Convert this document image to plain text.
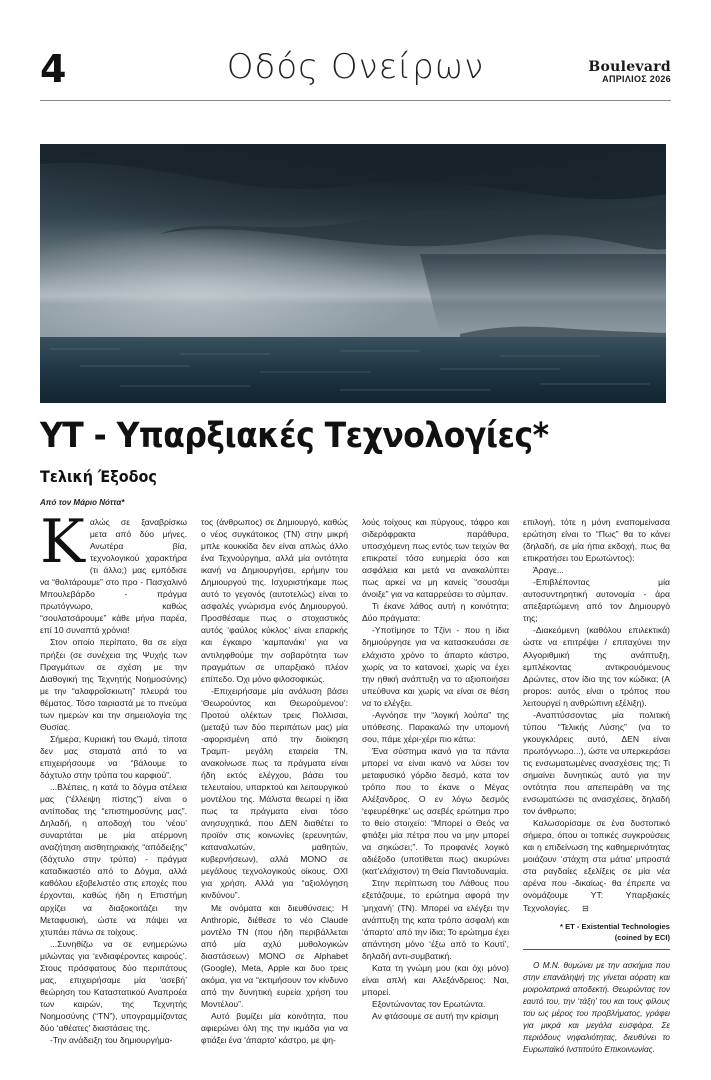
4	Οδός Ονείρων	Boulevard
ΑΠΡΙΛΙΟΣ 2026
ΥΤ - Υπαρξιακές Τεχνολογίες*
Τελική Έξοδος
Από τον Μάριο Νόττα*
Κ αλώς σε ξαναβρίσκω μετα από δύο μήνες. Ανωτέρα βία, τεχνολογικού χαρακτήρα (τι άλλο;) μας εμπόδισε να “θολτάρουμε” στο προ - Πασχαλινό Μπουλεβάρδο - πράγμα πρωτόγνωρο, καθώς “σουλατσάρουμε” κάθε μήνα παρέα, επί 10 συναπτά χρόνια!

Στον οποίο περίπατο, θα σε είχα πρήξει (σε συνέχεια της Ψυχής των Πραγμάτων σε σχέση με την Διαθογική της Τεχνητής Νοημοσύνης) με την “αλαφροΐσκιωτη” πλευρά του θέματος. Τόσο ταιριαστά με το πνεύμα των ημερών και την σημειολογία της Θυσίας.

Σήμερα, Κυριακή του Θωμά, τίποτα δεν μας σταματά από το να επιχειρήσουμε να “βάλουμε το δάχτυλο στην τρύπα του καρφιού”.

...Βλέπεις, η κατά το δόγμα ατέλεια μας (“έλλειψη πίστης”) είναι ο αντίποδας της “επιστημοσύνης μας”. Δηλαδή, η αποδοχή του ‘νέου’ συναρτάται με μία ατέρμονη αναζήτηση αισθητηριακής “απόδειξης” (δάχτυλο στην τρύπα) - πράγμα καταδικαστέο από το Δόγμα, αλλά καθόλου εξοβελιστέο στις εποχές που έρχονται, καθώς ήδη η Επιστήμη αρχίζει να διαξοκοιτάζει την Μεταφυσική, ώστε να πάψει να χτυπάει πάνω σε τοίχους.

...Συνηθίζω να σε ενημερώνω μιλώντας για ‘ενδιαφέροντες καιρούς’. Στους πρόσφατους δύο περιπάτους μας, επιχειρήσαμε μία ‘ασεβή’ θεώρηση του Καταστατικού Αναπροέα των καιρών, της Τεχνητής Νοημοσύνης (“ΤΝ”), υπογραμμίζοντας δύο ‘αθέατες’ διαστάσεις της.

-Την ανάδειξη του δημιουργήμα-

τος (άνθρωπος) σε Δημιουργό, καθώς ο νέος συγκάτοικος (ΤΝ) στην μικρή μπλε κουκκίδα δεν είναι απλώς άλλο ένα Τεχνούργημα, αλλά μία οντότητα ικανή να Δημιουργήσει, ερήμην του Δημιουργού της. Ισχυριστήκαμε πως αυτό το γεγονός (αυτοτελώς) είναι το ασφαλές γνώρισμα ενός Δημιουργού. Προσθέσαμε πως ο στοχαστικός αυτός ‘φαύλος κύκλος’ είναι επαρκής και έγκαιρο ‘καμπανάκι’ για να αντιληφθούμε την σοβαρότητα των πραγμάτων σε υπαρξιακό πλέον επίπεδο. Όχι μόνο φιλοσοφικώς.

-Επιχειρήσαμε μία ανάλυση βάσει ‘Θεωρούντος και Θεωρούμενου’: Προτού ολέκτων τρεις Πολλισαι, (μεταξύ των δύο περιπάτων μας) μία -αφορισμένη από την διοίκηση Τραμπ- μεγάλη εταιρεία ΤΝ, ανακοίνωσε πως τα πράγματα είναι ήδη εκτός ελέγχου, βάσει του τελευταίου, υπαρκτού και λειτουργικού μοντέλου της. Μάλιστα θεωρεί η ίδια πως τα πράγματα είναι τόσο ανησυχητικά, που ΔΕΝ διαθέτει το προϊόν στις κοινωνίες (ερευνητών, καταναλωτών, μαθητών, κυβερνήσεων), αλλά ΜΟΝΟ σε μεγάλους τεχνολογικούς οίκους. ΟΧΙ για χρήση. Αλλά για “αξιολόγηση κινδύνου”.

Με ονόματα και διευθύνσεις: Η Anthropic, διέθεσε το νέο Claude μοντέλο ΤΝ (που ήδη περιβάλλεται από μία αχλύ μυθολογικών διαστάσεων) ΜΟΝΟ σε Alphabet (Google), Meta, Apple και δυο τρεις ακόμα, για να “εκτιμήσουν τον κίνδυνο από την δυνητική ευρεία χρήση του Μοντέλου”.

Αυτό βυμίζει μία κοινότητα, που αφιερώνει όλη της την ικμάδα για να φτιάξει ένα ‘άπαρτο’ κάστρο, με ψη-

λούς τοίχους και πύργους, τάφρο και σιδερόφρακτα παράθυρα, υποσχόμενη πως εντός των τειχών θα επικρατεί τόσο ευημερία όσο και ασφάλεια και μετά να ανακαλύπτει πως αρκεί να μη κανείς “σουσάμι άνοιξε” για να καταρρεύσει το σύμπαν.

Τι έκανε λάθος αυτή η κοινότητα; Δύο πράγματα:

-Υποτίμησε το Τζίνι - που η ίδια δημιούργησε για να κατασκευάσει σε ελάχιστο χρόνο το άπαρτο κάστρο, χωρίς να το κατανοεί, χωρίς να έχει την ηθική ανάπτυξη να το αξιοποιήσει υπεύθυνα και χωρίς να είναι σε θέση να το ελέγξει.

-Αγνόησε την “λογική λούπα” της υπόθεσης. Παρακαλώ την υπομονή σου, πάμε χέρι-χέρι πιο κάτω:

Ένα σύστημα ικανό για τα πάντα μπορεί να είναι ικανό να λύσει τον μεταφυσικό γόρδιο δεσμό, κατα τον τρόπο που το έκανε ο Μέγας Αλέξανδρος. Ο εν λόγω δεσμός ‘εφευρέθηκε’ ως ασεβές ερώτημα προ το θείο στοιχείο: “Μπορεί ο Θεός να φτιάξει μία πέτρα που να μην μπορεί να σηκώσει;”. Το προφανές λογικό αδιέξοδο (υποτίθεται πως) ακυρώνει (κατ’ελάχιστον) τη Θεία Παντοδυναμία.

Στην περίπτωση του Λάθους που εξετάζουμε, το ερώτημα αφορά την ‘μηχανή’ (ΤΝ). Μπορεί να ελέγξει την ανάπτυξη της κατα τρόπο ασφαλή και ‘άπαρτο’ από την ίδια; Το ερώτημα έχει απάντηση μόνο ‘έξω από το Κουτί’, δηλαδή αντι-συμβατική.

Κατα τη γνώμη μου (και όχι μόνο) είναι απλή και Αλεξάνδρειος: Ναι, μπορεί.

Εξοντώνοντας τον Ερωτώντα.

Αν φτάσουμε σε αυτή την κρίσιμη

επιλογή, τότε η μόνη εναπομείνασα ερώτηση είναι το “Πως” θα το κάνει (δηλαδή, σε μία ήπια εκδοχή, πως θα επικρατήσει του Ερωτώντος):

Άραγε...

-Επιβλέποντας μία αυτοσυντηρητική αυτονομία - άρα απεξαρτώμενη από τον Δημιουργό της;

-Διακεόμενη (καθόλου επιλεκτικά) ώστε να επιτρέψει / επιταχύνει την Αλγοριθμική της ανάπτυξη, εμπλέκοντας αντικρουόμενους Δρώντες, στον ίδιο της τον κώδικα; (Α propos: αυτός είναι ο τρόπος που λειτουργεί η ανθρώπινη εξέλιξη).

-Αναπτύσσοντας μία πολιτική τύπου “Τελικής Λύσης” (να το γκουγκλάρεις αυτό, ΔΕΝ είναι πρωτόγνωρο...), ώστε να υπερκεράσει τις ενσωματωμένες ανασχέσεις της; Τι σημαίνει δυνητικώς αυτό για την οντότητα που απεπειράθη να της ενσωματώσει τις ανασχέσεις, δηλαδή τον άνθρωπο;

Καλωσορίσαμε σε ένα δυστοπικό σήμερα, όπου οι τοπικές συγκρούσεις και η επιδείνωση της καθημερινότητας μοιάζουν ‘στάχτη στα μάτια’ μπροστά στα ραγδαίες εξελίξεις σε μία νέα αρένα που -δικαίως- θα έπρεπε να ονομάζουμε ΥΤ: Υπαρξιακές Τεχνολογίες. ⊟

* ΕΤ - Existential Technologies
(coined by ECI)

Ο Μ.Ν. θυμώνει με την ασκήμια που στην επανάληψή της γίνεται αόρατη και μοιρολατρικά αποδεκτή. Θεωρώντας τον εαυτό του, την ‘τάξη’ του και τους φίλους του ως μέρος του προβλήματος, γράφει για μικρά και μεγάλα ευσφάρα. Σε περιόδους νηφαλιότητας, διευθύνει το Ευρωπαϊκό Ινστιτούτο Επικοινωνίας.
